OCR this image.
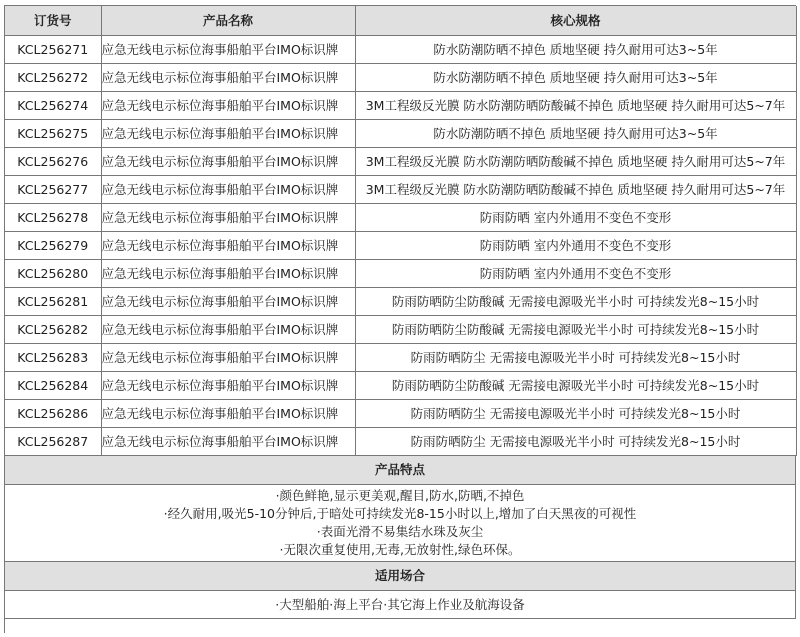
订货号	产品名称	核心规格
KCL256271	应急无线电示标位海事船舶平台IMO标识牌	防水防潮防晒不掉色 质地坚硬 持久耐用可达3~5年
KCL256272	应急无线电示标位海事船舶平台IMO标识牌	防水防潮防晒不掉色 质地坚硬 持久耐用可达3~5年
KCL256274	应急无线电示标位海事船舶平台IMO标识牌	3M工程级反光膜 防水防潮防晒防酸碱不掉色 质地坚硬 持久耐用可达5~7年
KCL256275	应急无线电示标位海事船舶平台IMO标识牌	防水防潮防晒不掉色 质地坚硬 持久耐用可达3~5年
KCL256276	应急无线电示标位海事船舶平台IMO标识牌	3M工程级反光膜 防水防潮防晒防酸碱不掉色 质地坚硬 持久耐用可达5~7年
KCL256277	应急无线电示标位海事船舶平台IMO标识牌	3M工程级反光膜 防水防潮防晒防酸碱不掉色 质地坚硬 持久耐用可达5~7年
KCL256278	应急无线电示标位海事船舶平台IMO标识牌	防雨防晒 室内外通用不变色不变形
KCL256279	应急无线电示标位海事船舶平台IMO标识牌	防雨防晒 室内外通用不变色不变形
KCL256280	应急无线电示标位海事船舶平台IMO标识牌	防雨防晒 室内外通用不变色不变形
KCL256281	应急无线电示标位海事船舶平台IMO标识牌	防雨防晒防尘防酸碱 无需接电源吸光半小时 可持续发光8~15小时
KCL256282	应急无线电示标位海事船舶平台IMO标识牌	防雨防晒防尘防酸碱 无需接电源吸光半小时 可持续发光8~15小时
KCL256283	应急无线电示标位海事船舶平台IMO标识牌	防雨防晒防尘 无需接电源吸光半小时 可持续发光8~15小时
KCL256284	应急无线电示标位海事船舶平台IMO标识牌	防雨防晒防尘防酸碱 无需接电源吸光半小时 可持续发光8~15小时
KCL256286	应急无线电示标位海事船舶平台IMO标识牌	防雨防晒防尘 无需接电源吸光半小时 可持续发光8~15小时
KCL256287	应急无线电示标位海事船舶平台IMO标识牌	防雨防晒防尘 无需接电源吸光半小时 可持续发光8~15小时
产品特点
·颜色鲜艳,显示更美观,醒目,防水,防晒,不掉色
·经久耐用,吸光5-10分钟后,于暗处可持续发光8-15小时以上,增加了白天黑夜的可视性
·表面光滑不易集结水珠及灰尘
·无限次重复使用,无毒,无放射性,绿色环保。
适用场合
·大型船舶·海上平台·其它海上作业及航海设备
